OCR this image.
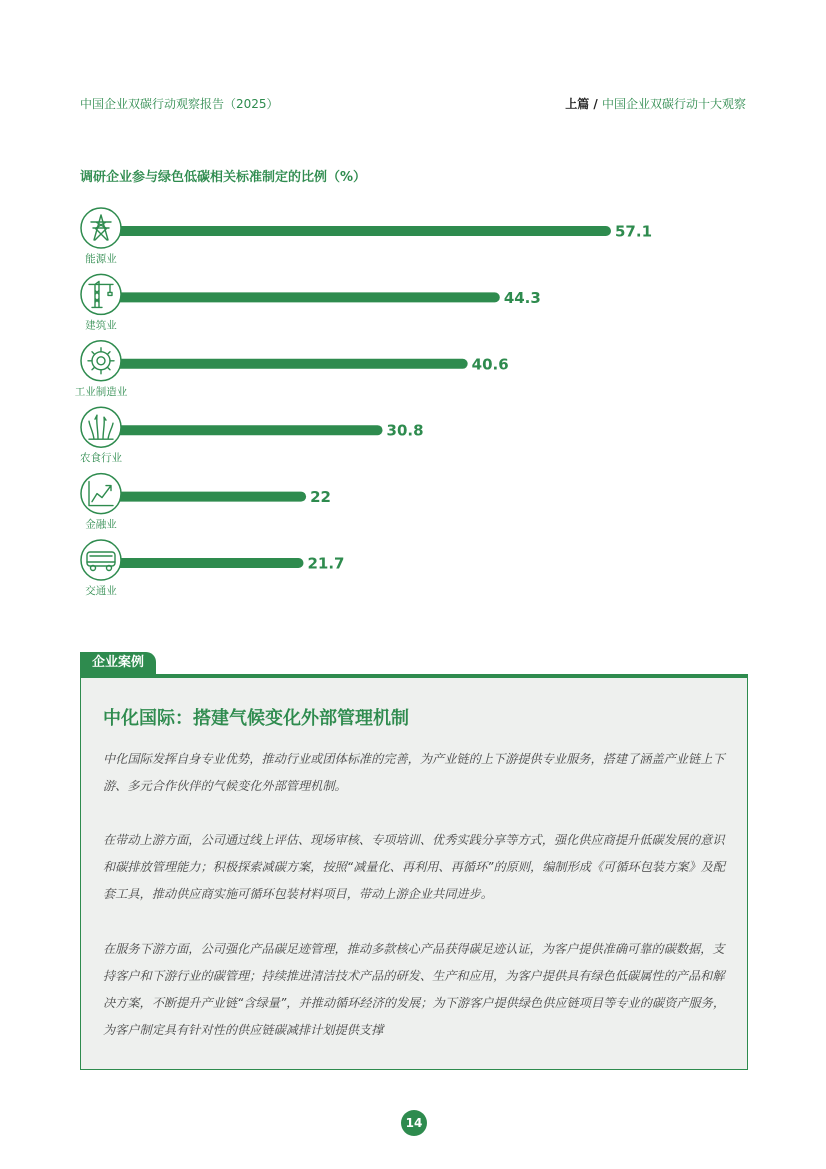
中国企业双碳行动观察报告（2025）	上篇 / 中国企业双碳行动十大观察
调研企业参与绿色低碳相关标准制定的比例（%）
能源业
57.1
建筑业
44.3
工业制造业
40.6
农食行业
30.8
金融业
22
交通业
21.7
企业案例
中化国际：搭建气候变化外部管理机制

中化国际发挥自身专业优势，推动行业或团体标准的完善，为产业链的上下游提供专业服务，搭建了涵盖产业链上下游、多元合作伙伴的气候变化外部管理机制。

在带动上游方面，公司通过线上评估、现场审核、专项培训、优秀实践分享等方式，强化供应商提升低碳发展的意识和碳排放管理能力；积极探索减碳方案，按照“减量化、再利用、再循环”的原则，编制形成《可循环包装方案》及配套工具，推动供应商实施可循环包装材料项目，带动上游企业共同进步。

在服务下游方面，公司强化产品碳足迹管理，推动多款核心产品获得碳足迹认证，为客户提供准确可靠的碳数据，支持客户和下游行业的碳管理；持续推进清洁技术产品的研发、生产和应用，为客户提供具有绿色低碳属性的产品和解决方案，不断提升产业链“含绿量”，并推动循环经济的发展；为下游客户提供绿色供应链项目等专业的碳资产服务，为客户制定具有针对性的供应链碳减排计划提供支撑

14
